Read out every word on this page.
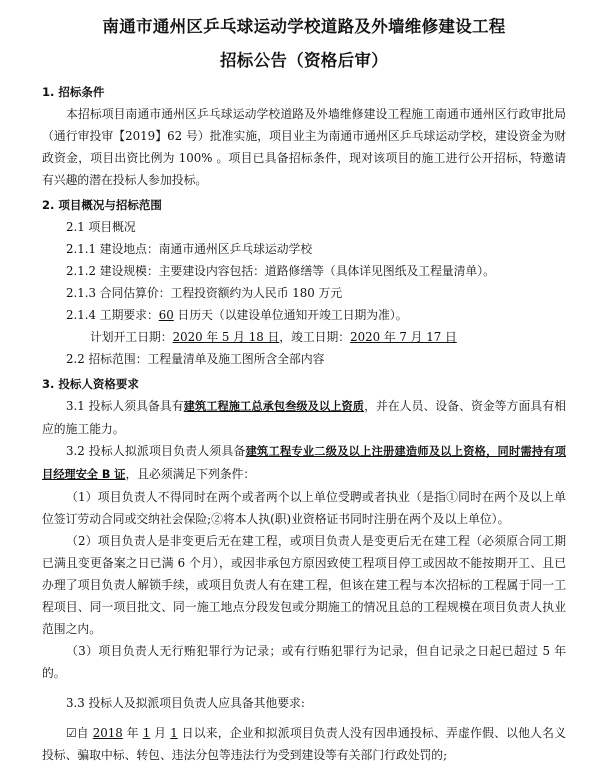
南通市通州区乒乓球运动学校道路及外墙维修建设工程
招标公告（资格后审）
1. 招标条件

本招标项目南通市通州区乒乓球运动学校道路及外墙维修建设工程施工南通市通州区行政审批局（通行审投审【2019】62 号）批准实施，项目业主为南通市通州区乒乓球运动学校，建设资金为财政资金，项目出资比例为 100% 。项目已具备招标条件，现对该项目的施工进行公开招标，特邀请有兴趣的潜在投标人参加投标。

2. 项目概况与招标范围

2.1 项目概况

2.1.1 建设地点：南通市通州区乒乓球运动学校

2.1.2 建设规模：主要建设内容包括：道路修缮等（具体详见图纸及工程量清单）。

2.1.3 合同估算价：工程投资额约为人民币 180 万元

2.1.4 工期要求：60 日历天（以建设单位通知开竣工日期为准）。

计划开工日期：2020 年 5 月 18 日，竣工日期：2020 年 7 月 17 日

2.2 招标范围：工程量清单及施工图所含全部内容

3. 投标人资格要求

3.1 投标人须具备具有建筑工程施工总承包叁级及以上资质，并在人员、设备、资金等方面具有相应的施工能力。

3.2 投标人拟派项目负责人须具备建筑工程专业二级及以上注册建造师及以上资格，同时需持有项目经理安全 B 证，且必须满足下列条件：

（1）项目负责人不得同时在两个或者两个以上单位受聘或者执业（是指①同时在两个及以上单位签订劳动合同或交纳社会保险;②将本人执(职)业资格证书同时注册在两个及以上单位）。

（2）项目负责人是非变更后无在建工程，或项目负责人是变更后无在建工程（必须原合同工期已满且变更备案之日已满 6 个月），或因非承包方原因致使工程项目停工或因故不能按期开工、且已办理了项目负责人解锁手续，或项目负责人有在建工程，但该在建工程与本次招标的工程属于同一工程项目、同一项目批文、同一施工地点分段发包或分期施工的情况且总的工程规模在项目负责人执业范围之内。

（3）项目负责人无行贿犯罪行为记录；或有行贿犯罪行为记录，但自记录之日起已超过 5 年的。

3.3 投标人及拟派项目负责人应具备其他要求:

☑自 2018 年 1 月 1 日以来，企业和拟派项目负责人没有因串通投标、弄虚作假、以他人名义投标、骗取中标、转包、违法分包等违法行为受到建设等有关部门行政处罚的;
